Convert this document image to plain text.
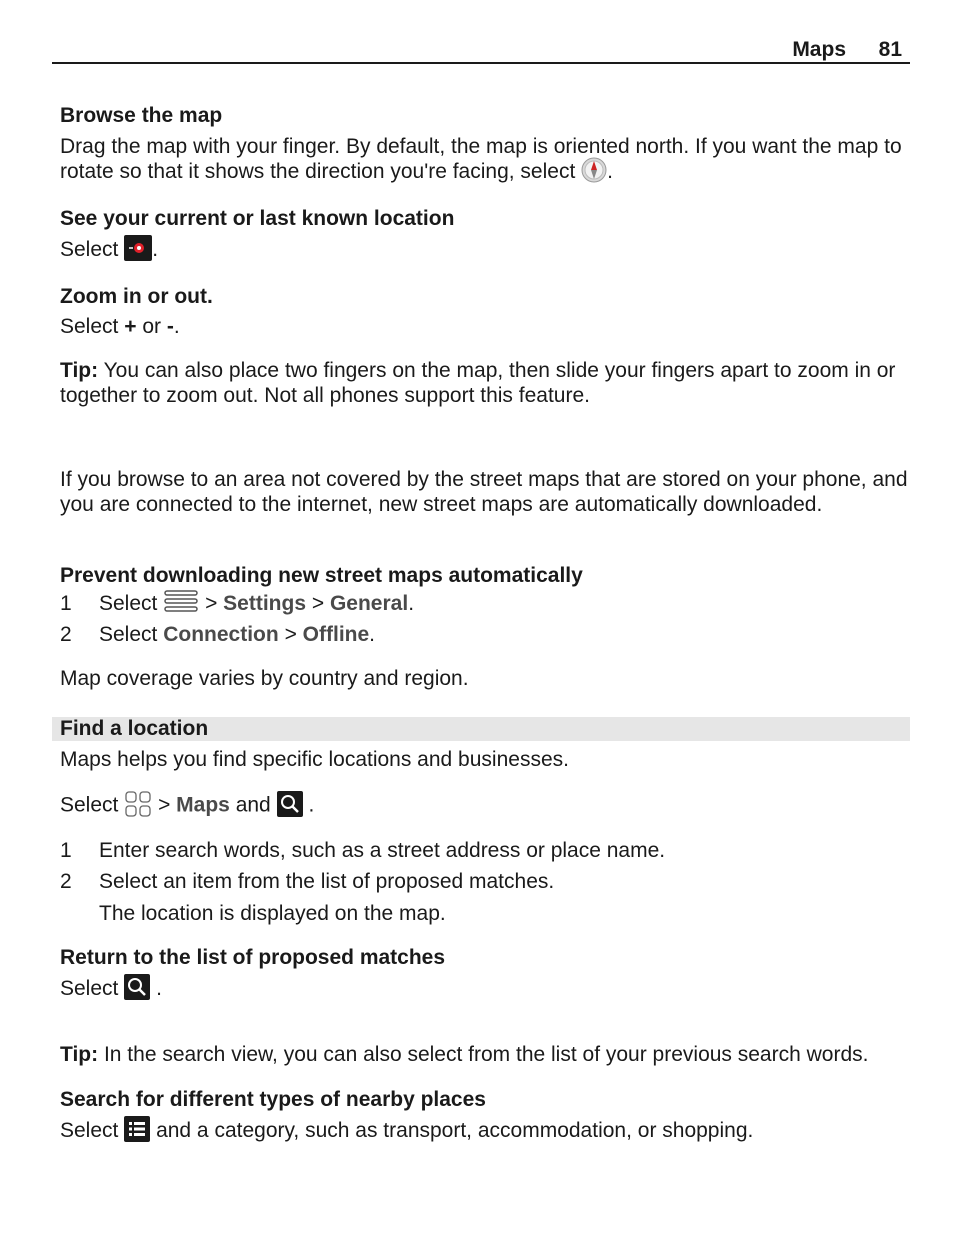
Maps 81
Browse the map
Drag the map with your finger. By default, the map is oriented north. If you want the map to rotate so that it shows the direction you're facing, select .
See your current or last known location
Select .
Zoom in or out.
Select + or -.
Tip: You can also place two fingers on the map, then slide your fingers apart to zoom in or together to zoom out. Not all phones support this feature.
If you browse to an area not covered by the street maps that are stored on your phone, and you are connected to the internet, new street maps are automatically downloaded.
Prevent downloading new street maps automatically
1 Select > Settings > General.
2 Select Connection > Offline.
Map coverage varies by country and region.
Find a location
Maps helps you find specific locations and businesses.
Select > Maps and .
1 Enter search words, such as a street address or place name.
2 Select an item from the list of proposed matches.
The location is displayed on the map.
Return to the list of proposed matches
Select .
Tip: In the search view, you can also select from the list of your previous search words.
Search for different types of nearby places
Select and a category, such as transport, accommodation, or shopping.
